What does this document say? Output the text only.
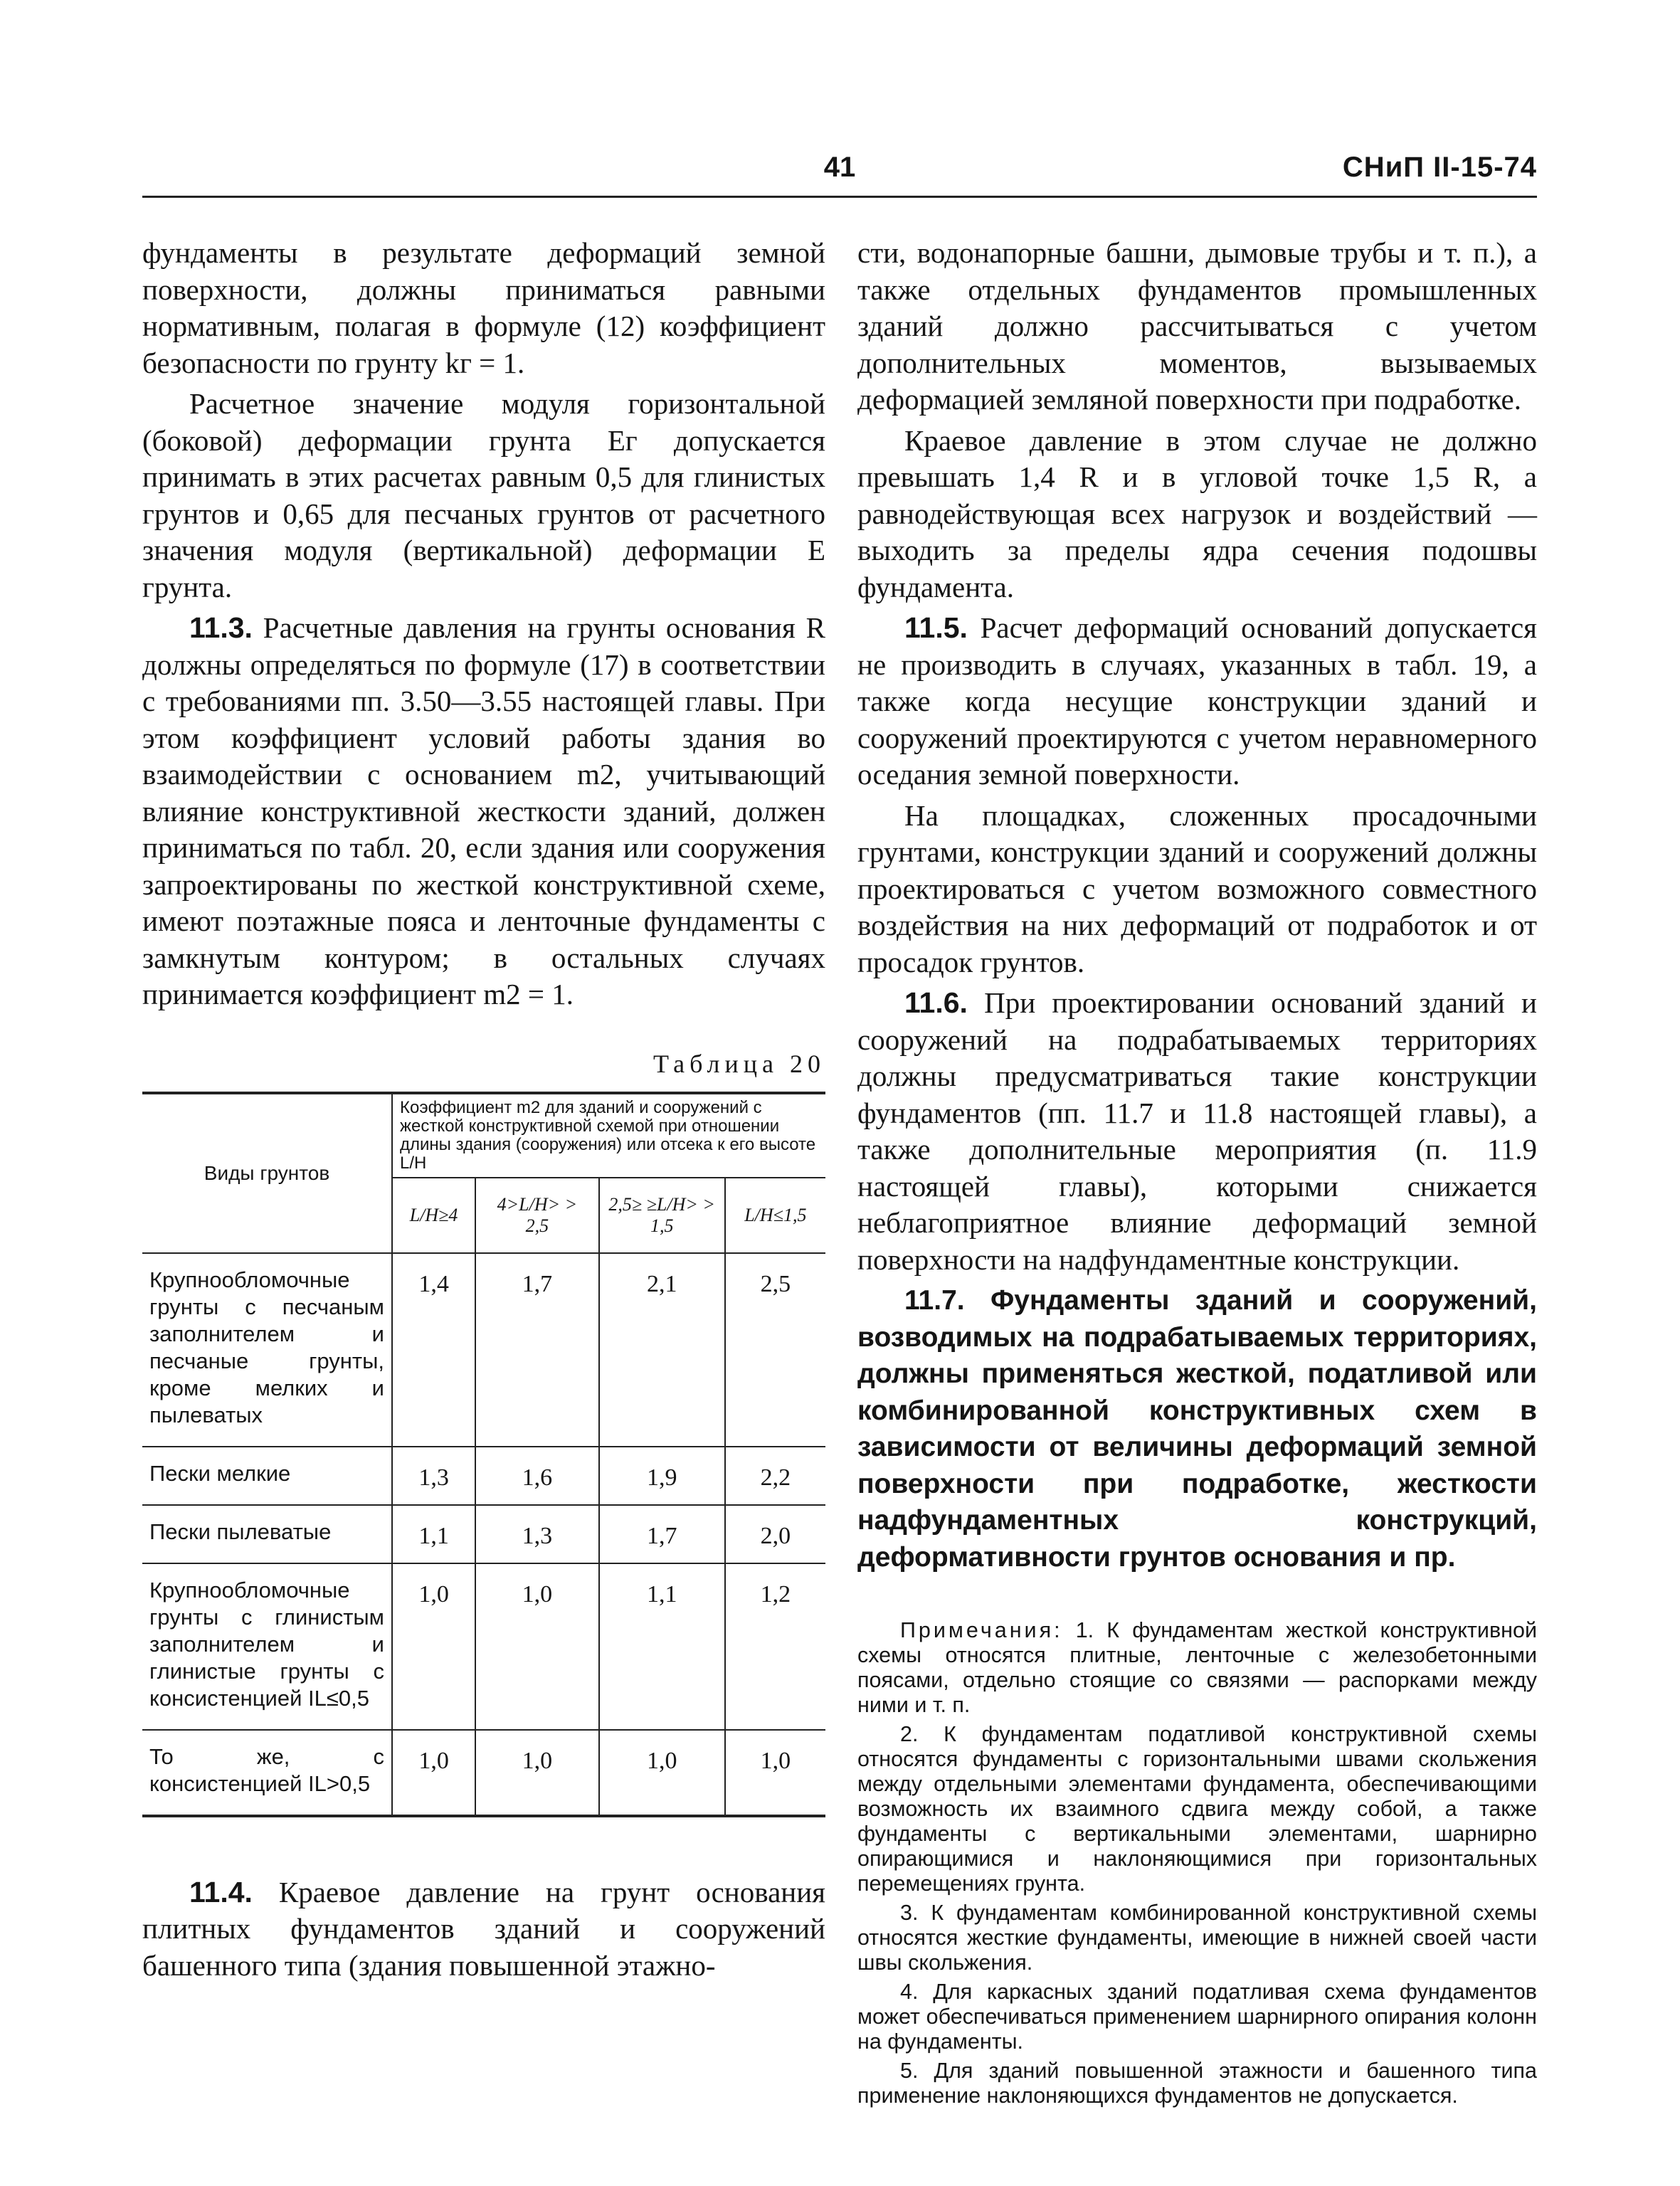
41	СНиП II-15-74

фундаменты в результате деформаций земной поверхности, должны приниматься равными нормативным, полагая в формуле (12) коэффициент безопасности по грунту kг = 1.

Расчетное значение модуля горизонтальной (боковой) деформации грунта Eг допускается принимать в этих расчетах равным 0,5 для глинистых грунтов и 0,65 для песчаных грунтов от расчетного значения модуля (вертикальной) деформации E грунта.

11.3. Расчетные давления на грунты основания R должны определяться по формуле (17) в соответствии с требованиями пп. 3.50—3.55 настоящей главы. При этом коэффициент условий работы здания во взаимодействии с основанием m2, учитывающий влияние конструктивной жесткости зданий, должен приниматься по табл. 20, если здания или сооружения запроектированы по жесткой конструктивной схеме, имеют поэтажные пояса и ленточные фундаменты с замкнутым контуром; в остальных случаях принимается коэффициент m2 = 1.

Таблица 20
Виды грунтов	Коэффициент m2 для зданий и сооружений с жесткой конструктивной схемой при отношении длины здания (сооружения) или отсека к его высоте L/H			
	L/H≥4	4>L/H> > 2,5	2,5≥ ≥L/H> > 1,5	L/H≤1,5
Крупнообломочные грунты с песчаным заполнителем и песчаные грунты, кроме мелких и пылеватых	1,4	1,7	2,1	2,5
Пески мелкие	1,3	1,6	1,9	2,2
Пески пылеватые	1,1	1,3	1,7	2,0
Крупнообломочные грунты с глинистым заполнителем и глинистые грунты с консистенцией IL≤0,5	1,0	1,0	1,1	1,2
То же, с консистенцией IL>0,5	1,0	1,0	1,0	1,0

11.4. Краевое давление на грунт основания плитных фундаментов зданий и сооружений башенного типа (здания повышенной этажно-

сти, водонапорные башни, дымовые трубы и т. п.), а также отдельных фундаментов промышленных зданий должно рассчитываться с учетом дополнительных моментов, вызываемых деформацией земляной поверхности при подработке.

Краевое давление в этом случае не должно превышать 1,4 R и в угловой точке 1,5 R, а равнодействующая всех нагрузок и воздействий — выходить за пределы ядра сечения подошвы фундамента.

11.5. Расчет деформаций оснований допускается не производить в случаях, указанных в табл. 19, а также когда несущие конструкции зданий и сооружений проектируются с учетом неравномерного оседания земной поверхности.

На площадках, сложенных просадочными грунтами, конструкции зданий и сооружений должны проектироваться с учетом возможного совместного воздействия на них деформаций от подработок и от просадок грунтов.

11.6. При проектировании оснований зданий и сооружений на подрабатываемых территориях должны предусматриваться такие конструкции фундаментов (пп. 11.7 и 11.8 настоящей главы), а также дополнительные мероприятия (п. 11.9 настоящей главы), которыми снижается неблагоприятное влияние деформаций земной поверхности на надфундаментные конструкции.

11.7. Фундаменты зданий и сооружений, возводимых на подрабатываемых территориях, должны применяться жесткой, податливой или комбинированной конструктивных схем в зависимости от величины деформаций земной поверхности при подработке, жесткости надфундаментных конструкций, деформативности грунтов основания и пр.

Примечания: 1. К фундаментам жесткой конструктивной схемы относятся плитные, ленточные с железобетонными поясами, отдельно стоящие со связями — распорками между ними и т. п.

2. К фундаментам податливой конструктивной схемы относятся фундаменты с горизонтальными швами скольжения между отдельными элементами фундамента, обеспечивающими возможность их взаимного сдвига между собой, а также фундаменты с вертикальными элементами, шарнирно опирающимися и наклоняющимися при горизонтальных перемещениях грунта.

3. К фундаментам комбинированной конструктивной схемы относятся жесткие фундаменты, имеющие в нижней своей части швы скольжения.

4. Для каркасных зданий податливая схема фундаментов может обеспечиваться применением шарнирного опирания колонн на фундаменты.

5. Для зданий повышенной этажности и башенного типа применение наклоняющихся фундаментов не допускается.
